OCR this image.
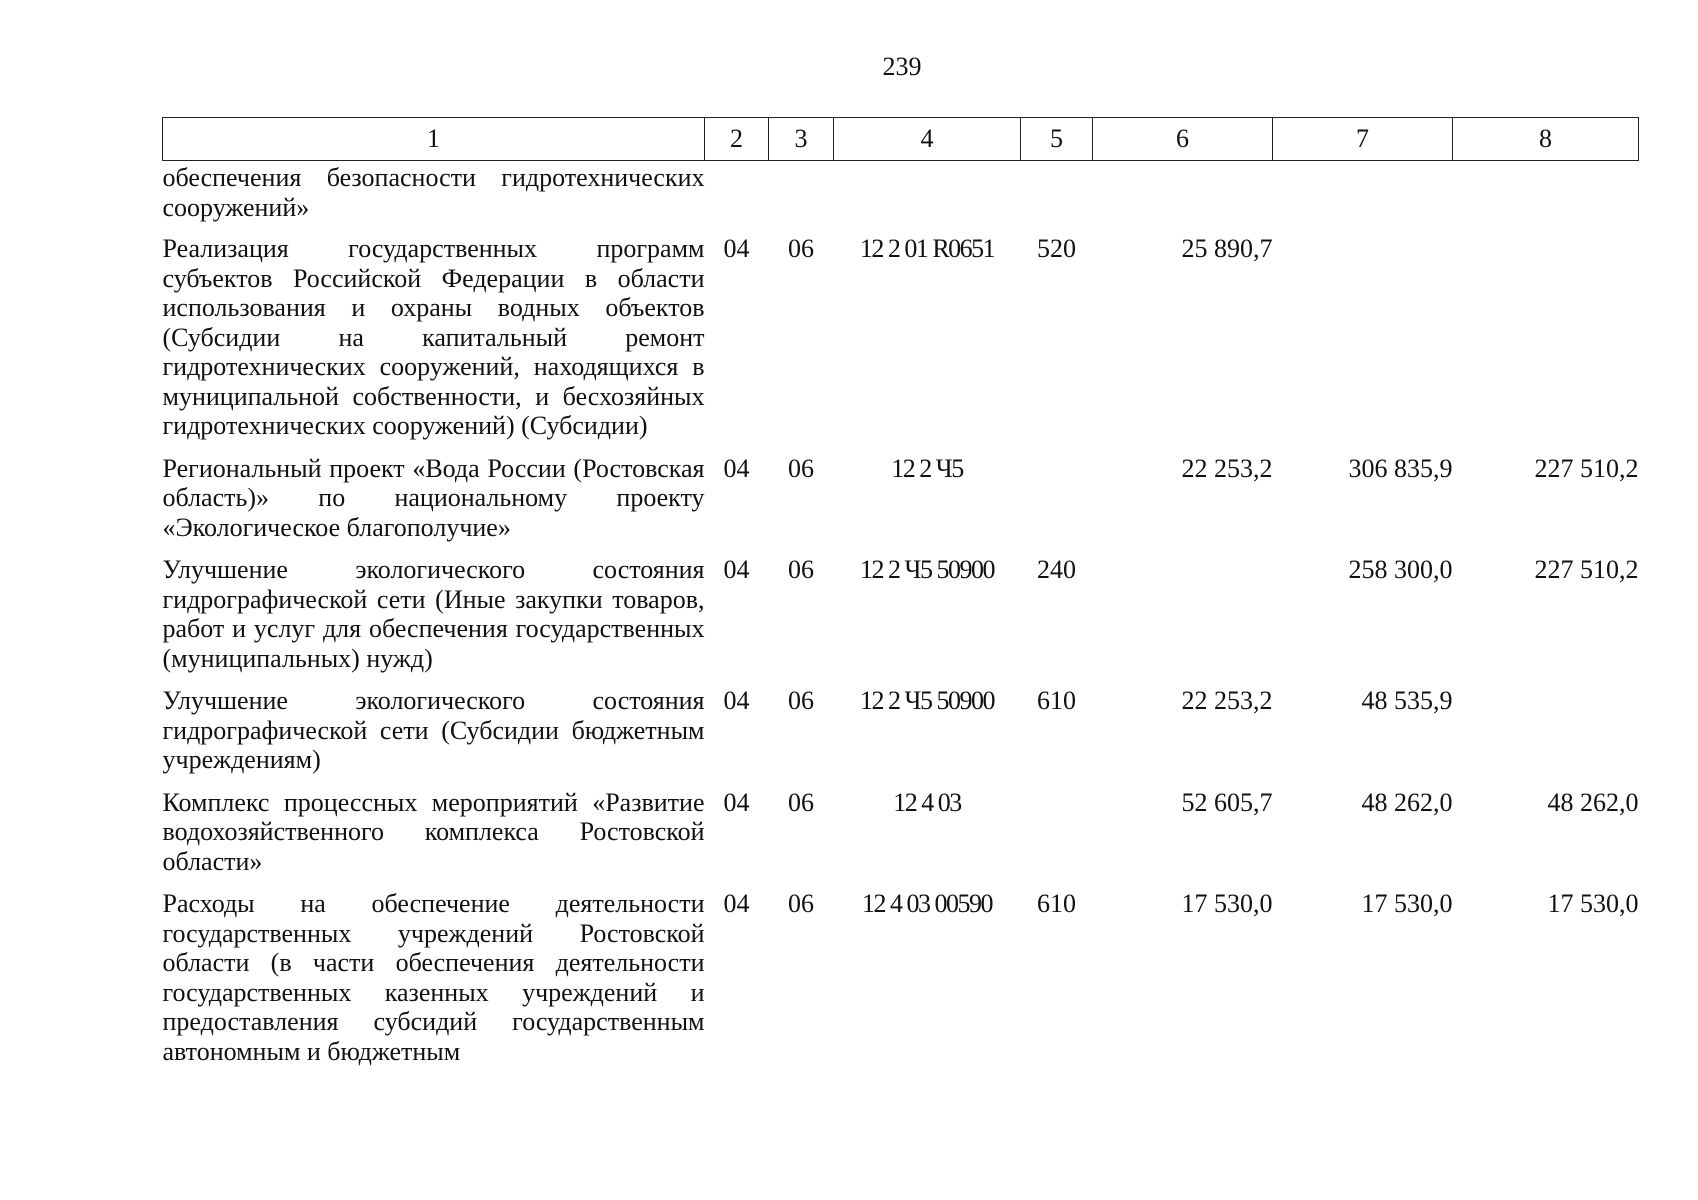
239
1	2	3	4	5	6	7	8
обеспечения безопасности гидротехнических сооружений»							
Реализация государственных программ субъектов Российской Федерации в области использования и охраны водных объектов (Субсидии на капитальный ремонт гидротехнических сооружений, находящихся в муниципальной собственности, и бесхозяйных гидротехнических сооружений) (Субсидии)	04	06	12 2 01 R0651	520	25 890,7		
Региональный проект «Вода России (Ростовская область)» по национальному проекту «Экологическое благополучие»	04	06	12 2 Ч5		22 253,2	306 835,9	227 510,2
Улучшение экологического состояния гидрографической сети (Иные закупки товаров, работ и услуг для обеспечения государственных (муниципальных) нужд)	04	06	12 2 Ч5 50900	240		258 300,0	227 510,2
Улучшение экологического состояния гидрографической сети (Субсидии бюджетным учреждениям)	04	06	12 2 Ч5 50900	610	22 253,2	48 535,9	
Комплекс процессных мероприятий «Развитие водохозяйственного комплекса Ростовской области»	04	06	12 4 03		52 605,7	48 262,0	48 262,0
Расходы на обеспечение деятельности государственных учреждений Ростовской области (в части обеспечения деятельности государственных казенных учреждений и предоставления субсидий государственным автономным и бюджетным	04	06	12 4 03 00590	610	17 530,0	17 530,0	17 530,0
